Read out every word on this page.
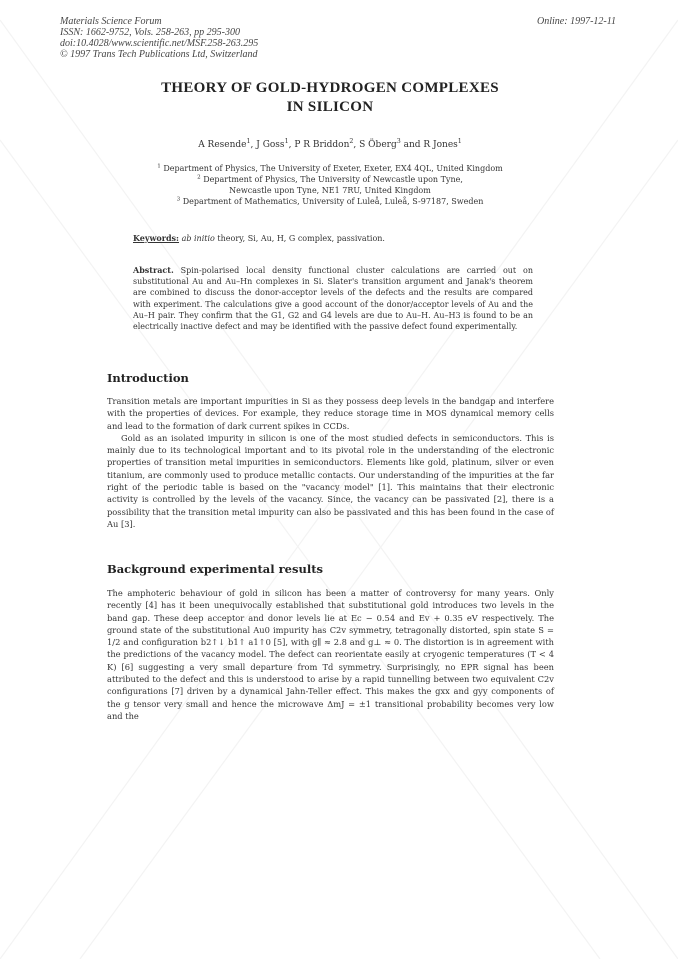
Materials Science Forum
ISSN: 1662-9752, Vols. 258-263, pp 295-300
doi:10.4028/www.scientific.net/MSF.258-263.295
© 1997 Trans Tech Publications Ltd, Switzerland
Online: 1997-12-11
THEORY OF GOLD-HYDROGEN COMPLEXES
IN SILICON
A Resende$^1$, J Goss$^1$, P R Briddon$^2$, S Öberg$^3$ and R Jones$^1$
$^1$ Department of Physics, The University of Exeter, Exeter, EX4 4QL, United Kingdom
$^2$ Department of Physics, The University of Newcastle upon Tyne,
Newcastle upon Tyne, NE1 7RU, United Kingdom
$^3$ Department of Mathematics, University of Luleå, Luleå, S-97187, Sweden
Keywords: ab initio theory, Si, Au, H, G complex, passivation.
Abstract. Spin-polarised local density functional cluster calculations are carried out on substitutional Au and Au–Hn complexes in Si. Slater's transition argument and Janak's theorem are combined to discuss the donor-acceptor levels of the defects and the results are compared with experiment. The calculations give a good account of the donor/acceptor levels of Au and the Au–H pair. They confirm that the G1, G2 and G4 levels are due to Au–H. Au–H3 is found to be an electrically inactive defect and may be identified with the passive defect found experimentally.
Introduction
Transition metals are important impurities in Si as they possess deep levels in the bandgap and interfere with the properties of devices. For example, they reduce storage time in MOS dynamical memory cells and lead to the formation of dark current spikes in CCDs.
Gold as an isolated impurity in silicon is one of the most studied defects in semiconductors. This is mainly due to its technological important and to its pivotal role in the understanding of the electronic properties of transition metal impurities in semiconductors. Elements like gold, platinum, silver or even titanium, are commonly used to produce metallic contacts. Our understanding of the impurities at the far right of the periodic table is based on the "vacancy model" [1]. This maintains that their electronic activity is controlled by the levels of the vacancy. Since, the vacancy can be passivated [2], there is a possibility that the transition metal impurity can also be passivated and this has been found in the case of Au [3].
Background experimental results
The amphoteric behaviour of gold in silicon has been a matter of controversy for many years. Only recently [4] has it been unequivocally established that substitutional gold introduces two levels in the band gap. These deep acceptor and donor levels lie at Ec − 0.54 and Ev + 0.35 eV respectively. The ground state of the substitutional Au0 impurity has C2v symmetry, tetragonally distorted, spin state S = 1/2 and configuration b2↑↓ b1↑ a1↑0 [5], with g∥ ≈ 2.8 and g⊥ ≈ 0. The distortion is in agreement with the predictions of the vacancy model. The defect can reorientate easily at cryogenic temperatures (T < 4 K) [6] suggesting a very small departure from Td symmetry. Surprisingly, no EPR signal has been attributed to the defect and this is understood to arise by a rapid tunnelling between two equivalent C2v configurations [7] driven by a dynamical Jahn-Teller effect. This makes the gxx and gyy components of the g tensor very small and hence the microwave ΔmJ = ±1 transitional probability becomes very low and the
